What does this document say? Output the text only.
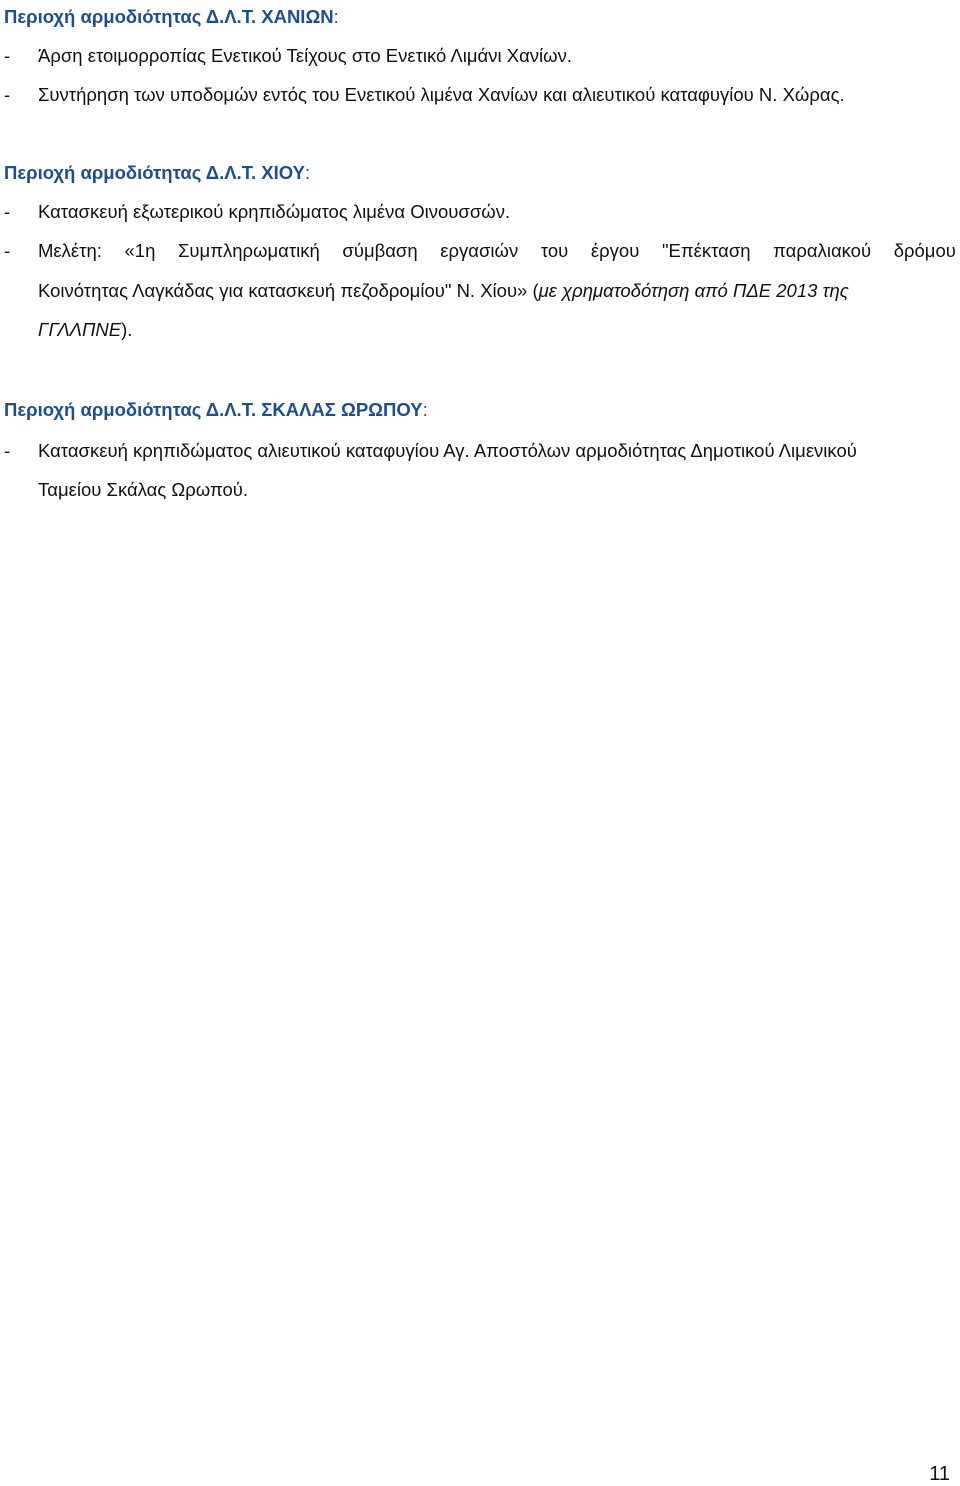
Περιοχή αρμοδιότητας Δ.Λ.Τ. ΧΑΝΙΩΝ:
- Άρση ετοιμορροπίας Ενετικού Τείχους στο Ενετικό Λιμάνι Χανίων.
- Συντήρηση των υποδομών εντός του Ενετικού λιμένα Χανίων και αλιευτικού καταφυγίου Ν. Χώρας.
Περιοχή αρμοδιότητας Δ.Λ.Τ. ΧΙΟΥ:
- Κατασκευή εξωτερικού κρηπιδώματος λιμένα Οινουσσών.
- Μελέτη: «1η Συμπληρωματική σύμβαση εργασιών του έργου "Επέκταση παραλιακού δρόμου
Κοινότητας Λαγκάδας για κατασκευή πεζοδρομίου" Ν. Χίου» (με χρηματοδότηση από ΠΔΕ 2013 της
ΓΓΛΛΠΝΕ).
Περιοχή αρμοδιότητας Δ.Λ.Τ. ΣΚΑΛΑΣ ΩΡΩΠΟΥ:
- Κατασκευή κρηπιδώματος αλιευτικού καταφυγίου Αγ. Αποστόλων αρμοδιότητας Δημοτικού Λιμενικού
Ταμείου Σκάλας Ωρωπού.
11
